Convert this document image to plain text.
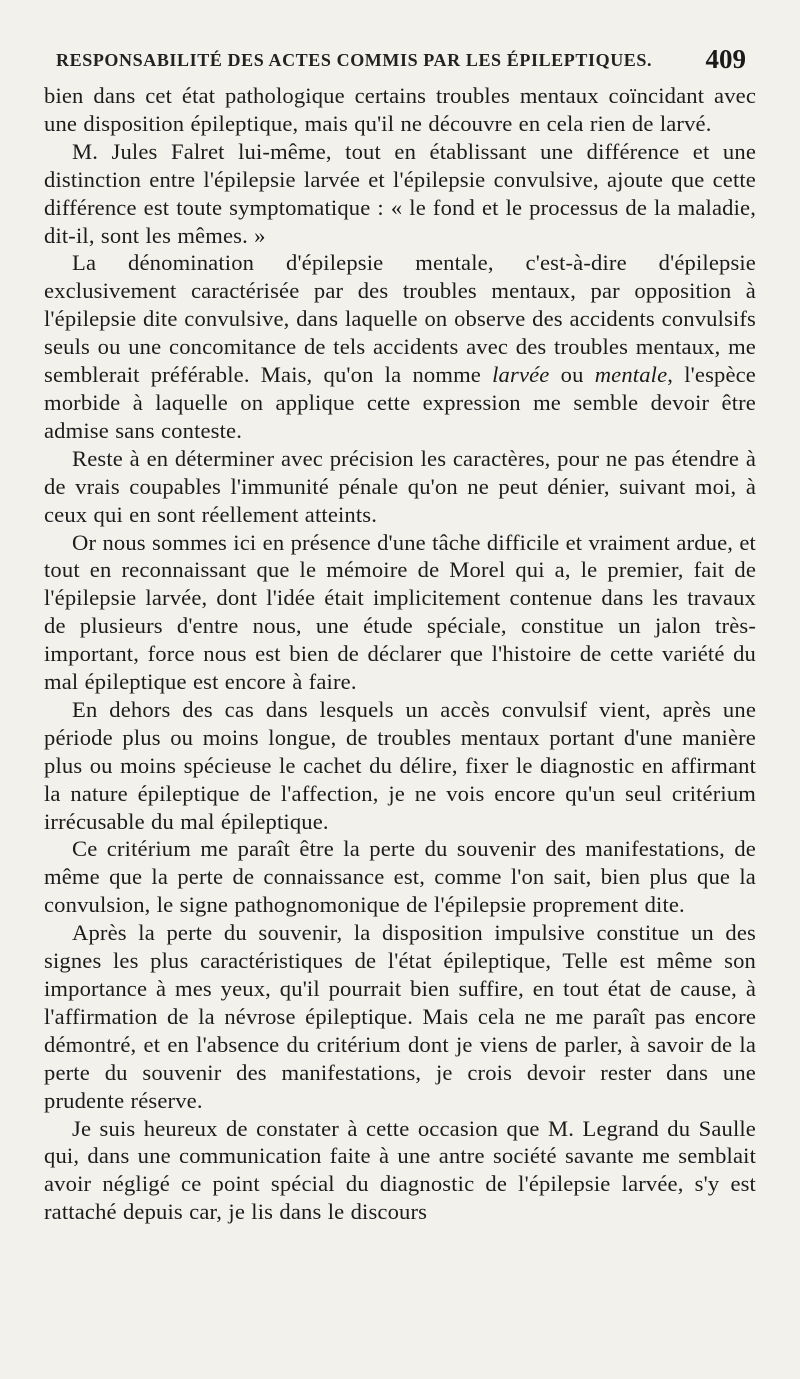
RESPONSABILITÉ DES ACTES COMMIS PAR LES ÉPILEPTIQUES. 409

bien dans cet état pathologique certains troubles mentaux coïncidant avec une disposition épileptique, mais qu'il ne découvre en cela rien de larvé.

M. Jules Falret lui-même, tout en établissant une différence et une distinction entre l'épilepsie larvée et l'épilepsie convulsive, ajoute que cette différence est toute symptomatique : « le fond et le processus de la maladie, dit-il, sont les mêmes. »

La dénomination d'épilepsie mentale, c'est-à-dire d'épilepsie exclusivement caractérisée par des troubles mentaux, par opposition à l'épilepsie dite convulsive, dans laquelle on observe des accidents convulsifs seuls ou une concomitance de tels accidents avec des troubles mentaux, me semblerait préférable. Mais, qu'on la nomme larvée ou mentale, l'espèce morbide à laquelle on applique cette expression me semble devoir être admise sans conteste.

Reste à en déterminer avec précision les caractères, pour ne pas étendre à de vrais coupables l'immunité pénale qu'on ne peut dénier, suivant moi, à ceux qui en sont réellement atteints.

Or nous sommes ici en présence d'une tâche difficile et vraiment ardue, et tout en reconnaissant que le mémoire de Morel qui a, le premier, fait de l'épilepsie larvée, dont l'idée était implicitement contenue dans les travaux de plusieurs d'entre nous, une étude spéciale, constitue un jalon très-important, force nous est bien de déclarer que l'histoire de cette variété du mal épileptique est encore à faire.

En dehors des cas dans lesquels un accès convulsif vient, après une période plus ou moins longue, de troubles mentaux portant d'une manière plus ou moins spécieuse le cachet du délire, fixer le diagnostic en affirmant la nature épileptique de l'affection, je ne vois encore qu'un seul critérium irrécusable du mal épileptique.

Ce critérium me paraît être la perte du souvenir des manifestations, de même que la perte de connaissance est, comme l'on sait, bien plus que la convulsion, le signe pathognomonique de l'épilepsie proprement dite.

Après la perte du souvenir, la disposition impulsive constitue un des signes les plus caractéristiques de l'état épileptique, Telle est même son importance à mes yeux, qu'il pourrait bien suffire, en tout état de cause, à l'affirmation de la névrose épileptique. Mais cela ne me paraît pas encore démontré, et en l'absence du critérium dont je viens de parler, à savoir de la perte du souvenir des manifestations, je crois devoir rester dans une prudente réserve.

Je suis heureux de constater à cette occasion que M. Legrand du Saulle qui, dans une communication faite à une antre société savante me semblait avoir négligé ce point spécial du diagnostic de l'épilepsie larvée, s'y est rattaché depuis car, je lis dans le discours
